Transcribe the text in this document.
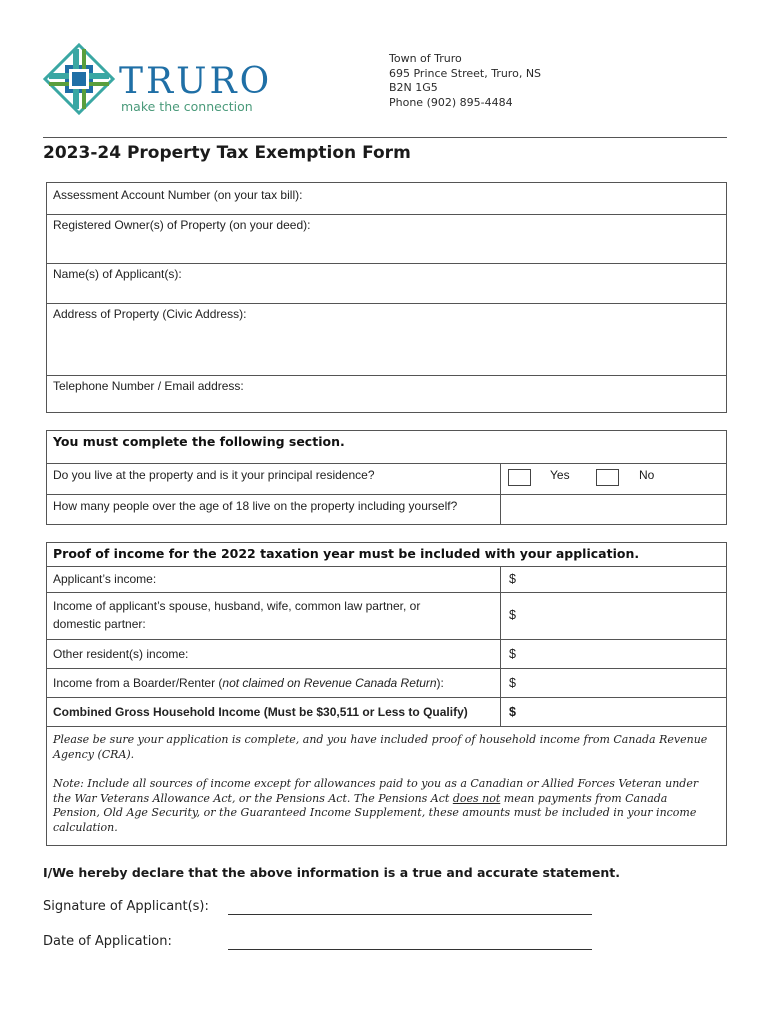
TRURO
make the connection
Town of Truro
695 Prince Street, Truro, NS
B2N 1G5
Phone (902) 895-4484
2023-24 Property Tax Exemption Form
Assessment Account Number (on your tax bill):
Registered Owner(s) of Property (on your deed):
Name(s) of Applicant(s):
Address of Property (Civic Address):
Telephone Number / Email address:
You must complete the following section.
Do you live at the property and is it your principal residence?	Yes	No
How many people over the age of 18 live on the property including yourself?
Proof of income for the 2022 taxation year must be included with your application.
Applicant’s income:	$
Income of applicant’s spouse, husband, wife, common law partner, or
domestic partner:
$
Other resident(s) income:	$
Income from a Boarder/Renter (not claimed on Revenue Canada Return):	$
Combined Gross Household Income (Must be $30,511 or Less to Qualify)	$
Please be sure your application is complete, and you have included proof of household income from Canada Revenue Agency (CRA).
Note: Include all sources of income except for allowances paid to you as a Canadian or Allied Forces Veteran under the War Veterans Allowance Act, or the Pensions Act. The Pensions Act does not mean payments from Canada Pension, Old Age Security, or the Guaranteed Income Supplement, these amounts must be included in your income calculation.
I/We hereby declare that the above information is a true and accurate statement.
Signature of Applicant(s):
Date of Application:
